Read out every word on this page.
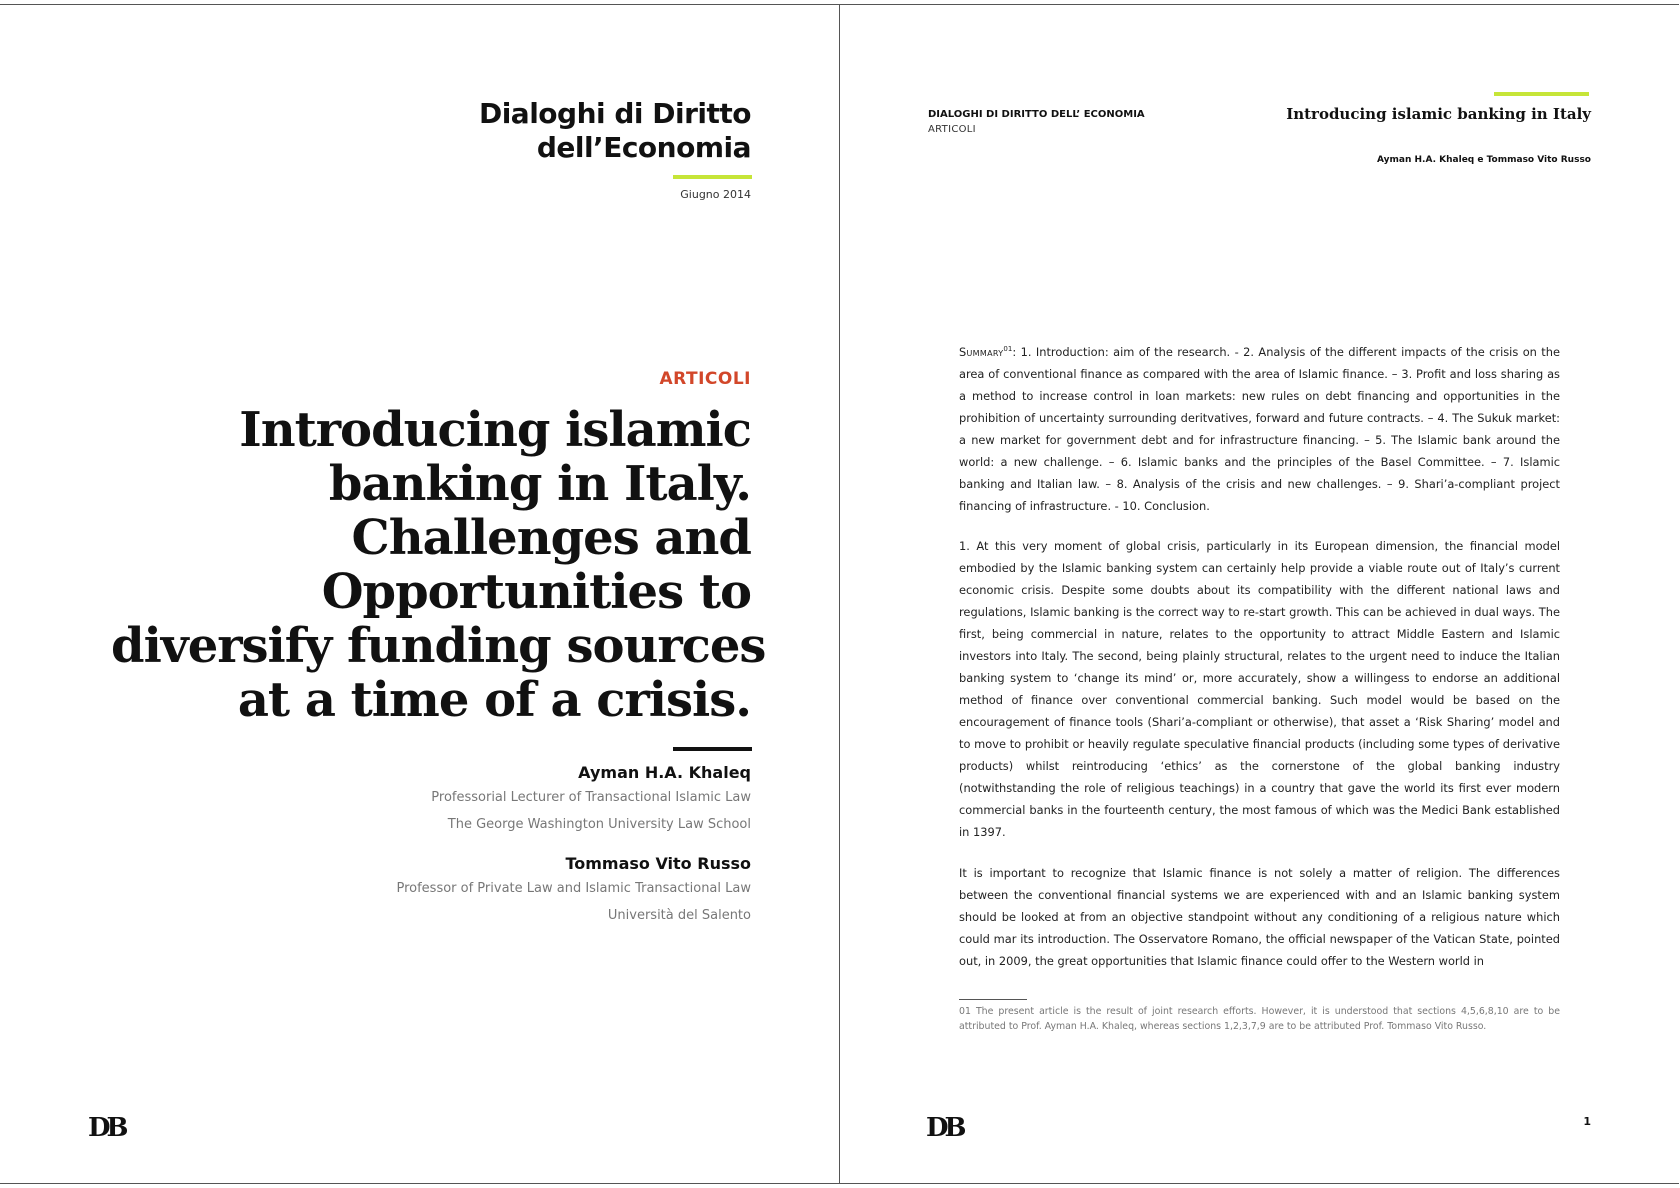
Dialoghi di Diritto
dell’Economia
Giugno 2014
ARTICOLI
Introducing islamic
banking in Italy.
Challenges and
Opportunities to
diversify funding sources
at a time of a crisis.
Ayman H.A. Khaleq
Professorial Lecturer of Transactional Islamic Law
The George Washington University Law School
Tommaso Vito Russo
Professor of Private Law and Islamic Transactional Law
Università del Salento
DB
DIALOGHI DI DIRITTO DELL’ ECONOMIA
ARTICOLI
Introducing islamic banking in Italy
Ayman H.A. Khaleq e Tommaso Vito Russo
Summary$^{01}$: 1. Introduction: aim of the research. - 2. Analysis of the different impacts of the crisis on the area of conventional finance as compared with the area of Islamic finance. – 3. Profit and loss sharing as a method to increase control in loan markets: new rules on debt financing and opportunities in the prohibition of uncertainty surrounding deritvatives, forward and future contracts. – 4. The Sukuk market: a new market for government debt and for infrastructure financing. – 5. The Islamic bank around the world: a new challenge. – 6. Islamic banks and the principles of the Basel Committee. – 7. Islamic banking and Italian law. – 8. Analysis of the crisis and new challenges. – 9. Shari’a-compliant project financing of infrastructure. - 10. Conclusion.
1. At this very moment of global crisis, particularly in its European dimension, the financial model embodied by the Islamic banking system can certainly help provide a viable route out of Italy’s current economic crisis. Despite some doubts about its compatibility with the different national laws and regulations, Islamic banking is the correct way to re-start growth. This can be achieved in dual ways. The first, being commercial in nature, relates to the opportunity to attract Middle Eastern and Islamic investors into Italy. The second, being plainly structural, relates to the urgent need to induce the Italian banking system to ‘change its mind’ or, more accurately, show a willingess to endorse an additional method of finance over conventional commercial banking. Such model would be based on the encouragement of finance tools (Shari’a-compliant or otherwise), that asset a ‘Risk Sharing’ model and to move to prohibit or heavily regulate speculative financial products (including some types of derivative products) whilst reintroducing ‘ethics’ as the cornerstone of the global banking industry (notwithstanding the role of religious teachings) in a country that gave the world its first ever modern commercial banks in the fourteenth century, the most famous of which was the Medici Bank established in 1397.
It is important to recognize that Islamic finance is not solely a matter of religion. The differences between the conventional financial systems we are experienced with and an Islamic banking system should be looked at from an objective standpoint without any conditioning of a religious nature which could mar its introduction. The Osservatore Romano, the official newspaper of the Vatican State, pointed out, in 2009, the great opportunities that Islamic finance could offer to the Western world in
01 The present article is the result of joint research efforts. However, it is understood that sections 4,5,6,8,10 are to be attributed to Prof. Ayman H.A. Khaleq, whereas sections 1,2,3,7,9 are to be attributed Prof. Tommaso Vito Russo.
DB	1
